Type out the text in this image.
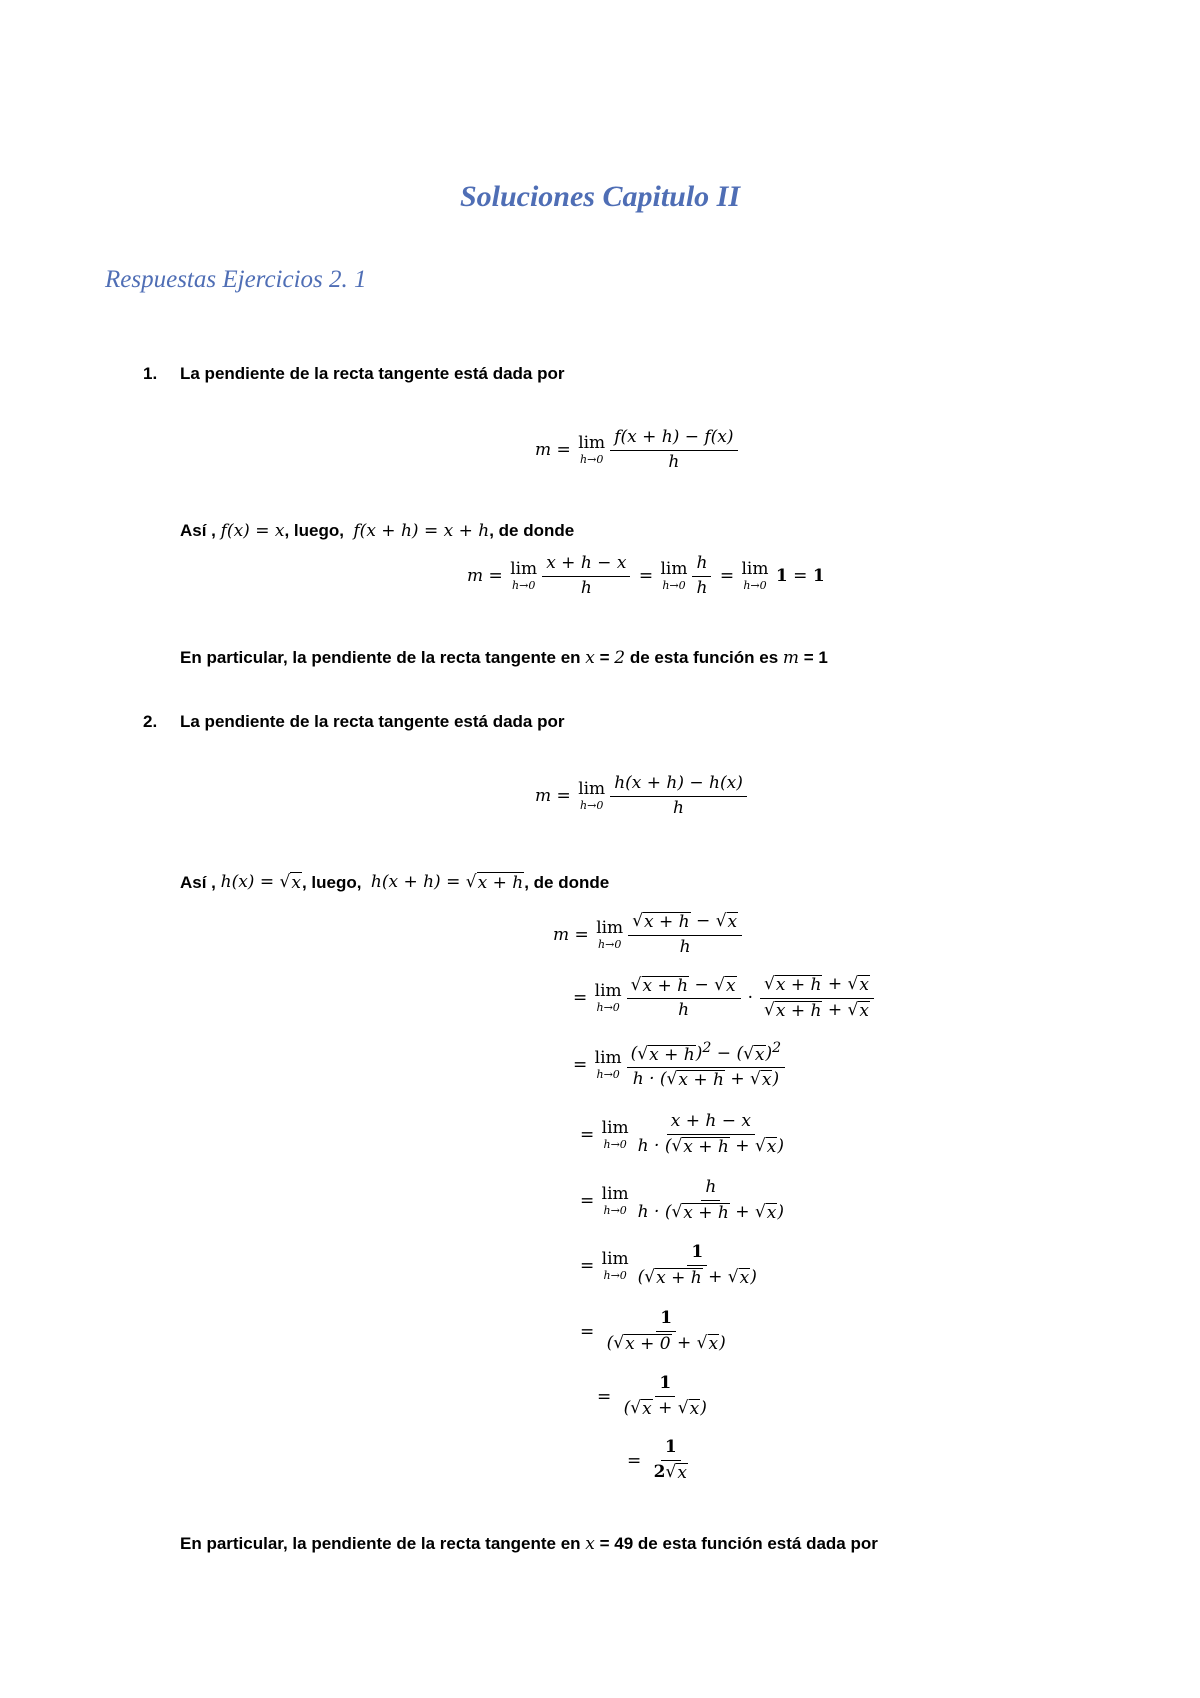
Soluciones Capitulo II
Respuestas Ejercicios 2. 1
1. La pendiente de la recta tangente está dada por
m = lim
$h\to 0 \frac{f(x + h) - f(x)}{h}$
Así ,
f(x) = x , luego,
f(x + h) = x + h , de donde
m = lim
$h\to 0 \frac{x + h - x}{h} = \lim$
$h\to 0 \frac{h}{h} = \lim$
h→0
1 = 1
En particular, la pendiente de la recta tangente en
x = 2
de esta función es
m = 1
2. La pendiente de la recta tangente está dada por
m = lim
$h\to 0 \frac{h(x + h) - h(x)}{h}$
Así ,
h(x) = √ x , luego,
h(x + h) = √ x + h , de donde
m = lim
$h\to 0 \frac{√ x + h - √ x}{h}$
= lim
$h\to 0 \frac{√ x + h - √ x}{h} \cdot \frac{√ x + h + √ x}{√ x + h + √ x}$
= lim
$h\to 0 \frac{( √ x + h )^2 - ( √ x )^2}{h \cdot ( √ x + h + √ x )}$
= lim
$h\to 0 \frac{x + h - x}{h \cdot ( √ x + h + √ x )}$
= lim
$h\to 0 \frac{h}{h \cdot ( √ x + h + √ x )}$
= lim
$h\to 0 \frac{1}{( √ x + h + √ x )}$
= $\frac{1}{( √ x + 0 + √ x )}$
= $\frac{1}{( √ x + √ x )}$
= $\frac{1}{2 √ x}$
En particular, la pendiente de la recta tangente en
x = 49
de esta función está dada por
